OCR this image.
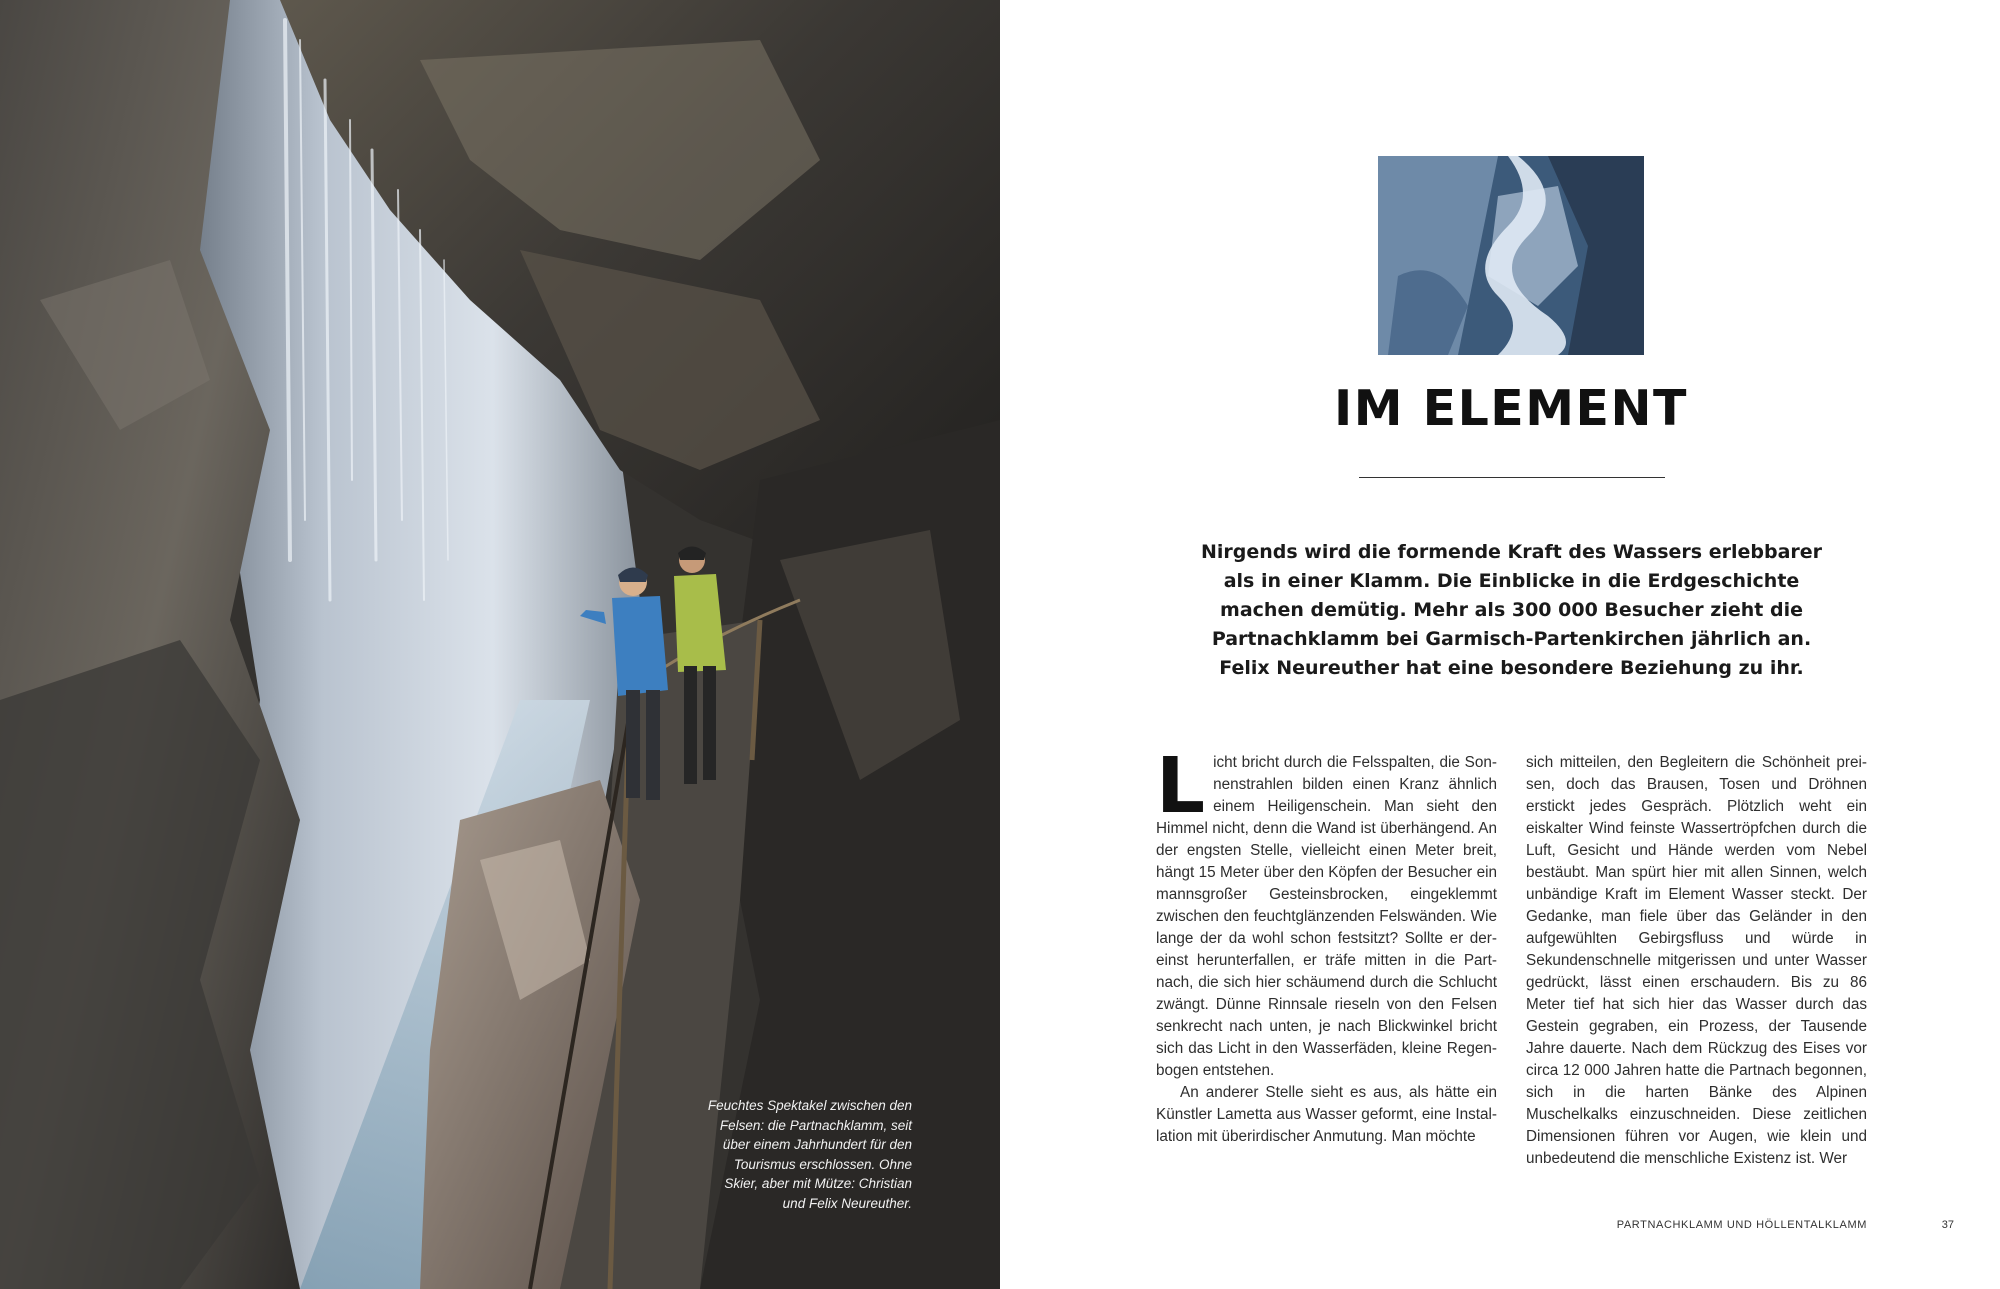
Feuchtes Spektakel zwischen den Felsen: die Partnachklamm, seit über einem Jahrhundert für den Tourismus erschlossen. Ohne Skier, aber mit Mütze: Christian und Felix Neureuther.

IM ELEMENT

Nirgends wird die formende Kraft des Wassers erlebbarer als in einer Klamm. Die Einblicke in die Erdgeschichte machen demütig. Mehr als 300 000 Besucher zieht die Partnachklamm bei Garmisch-Partenkirchen jährlich an. Felix Neureuther hat eine besondere Beziehung zu ihr.

Licht bricht durch die Felsspalten, die Sonnenstrahlen bilden einen Kranz ähnlich einem Heiligenschein. Man sieht den Himmel nicht, denn die Wand ist überhängend. An der engsten Stelle, vielleicht einen Meter breit, hängt 15 Meter über den Köpfen der Besucher ein mannsgroßer Gesteinsbrocken, eingeklemmt zwischen den feuchtglänzenden Felswänden. Wie lange der da wohl schon festsitzt? Sollte er dereinst herunterfallen, er träfe mitten in die Partnach, die sich hier schäumend durch die Schlucht zwängt. Dünne Rinnsale rieseln von den Felsen senkrecht nach unten, je nach Blickwinkel bricht sich das Licht in den Wasserfäden, kleine Regenbogen entstehen.

An anderer Stelle sieht es aus, als hätte ein Künstler Lametta aus Wasser geformt, eine Installation mit überirdischer Anmutung. Man möchte

sich mitteilen, den Begleitern die Schönheit preisen, doch das Brausen, Tosen und Dröhnen erstickt jedes Gespräch. Plötzlich weht ein eiskalter Wind feinste Wassertröpfchen durch die Luft, Gesicht und Hände werden vom Nebel bestäubt. Man spürt hier mit allen Sinnen, welch unbändige Kraft im Element Wasser steckt. Der Gedanke, man fiele über das Geländer in den aufgewühlten Gebirgsfluss und würde in Sekundenschnelle mitgerissen und unter Wasser gedrückt, lässt einen erschaudern. Bis zu 86 Meter tief hat sich hier das Wasser durch das Gestein gegraben, ein Prozess, der Tausende Jahre dauerte. Nach dem Rückzug des Eises vor circa 12 000 Jahren hatte die Partnach begonnen, sich in die harten Bänke des Alpinen Muschelkalks einzuschneiden. Diese zeitlichen Dimensionen führen vor Augen, wie klein und unbedeutend die menschliche Existenz ist. Wer

PARTNACHKLAMM UND HÖLLENTALKLAMM	37
